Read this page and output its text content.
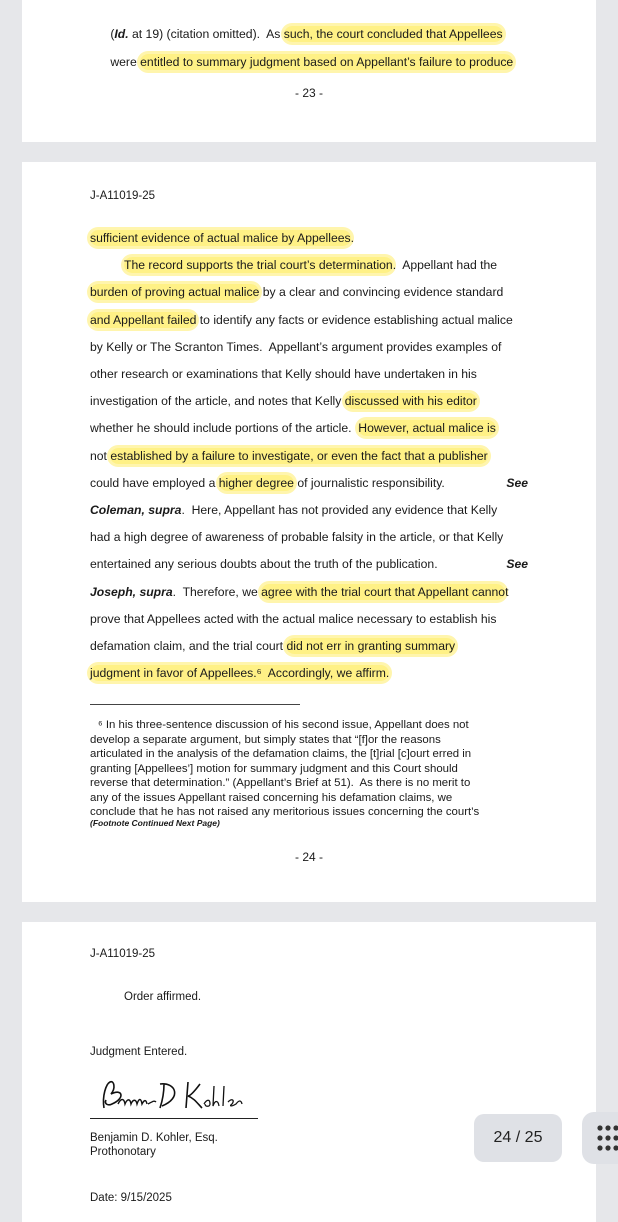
(Id. at 19) (citation omitted).  As such, the court concluded that Appellees

were entitled to summary judgment based on Appellant’s failure to produce

- 23 -
J-A11019-25
sufficient evidence of actual malice by Appellees.
The record supports the trial court’s determination.  Appellant had the
burden of proving actual malice by a clear and convincing evidence standard
and Appellant failed to identify any facts or evidence establishing actual malice
by Kelly or The Scranton Times.  Appellant’s argument provides examples of
other research or examinations that Kelly should have undertaken in his
investigation of the article, and notes that Kelly discussed with his editor
whether he should include portions of the article.  However, actual malice is
not established by a failure to investigate, or even the fact that a publisher
could have employed a higher degree of journalistic responsibility.	See
Coleman, supra.  Here, Appellant has not provided any evidence that Kelly
had a high degree of awareness of probable falsity in the article, or that Kelly
entertained any serious doubts about the truth of the publication.	See
Joseph, supra.  Therefore, we agree with the trial court that Appellant cannot
prove that Appellees acted with the actual malice necessary to establish his
defamation claim, and the trial court did not err in granting summary
judgment in favor of Appellees.⁶  Accordingly, we affirm.
⁶ In his three-sentence discussion of his second issue, Appellant does not
develop a separate argument, but simply states that “[f]or the reasons
articulated in the analysis of the defamation claims, the [t]rial [c]ourt erred in
granting [Appellees’] motion for summary judgment and this Court should
reverse that determination.” (Appellant’s Brief at 51).  As there is no merit to
any of the issues Appellant raised concerning his defamation claims, we
conclude that he has not raised any meritorious issues concerning the court’s
(Footnote Continued Next Page)
- 24 -
J-A11019-25
Order affirmed.
Judgment Entered.
Benjamin D. Kohler, Esq.
Prothonotary
Date: 9/15/2025
24 / 25
